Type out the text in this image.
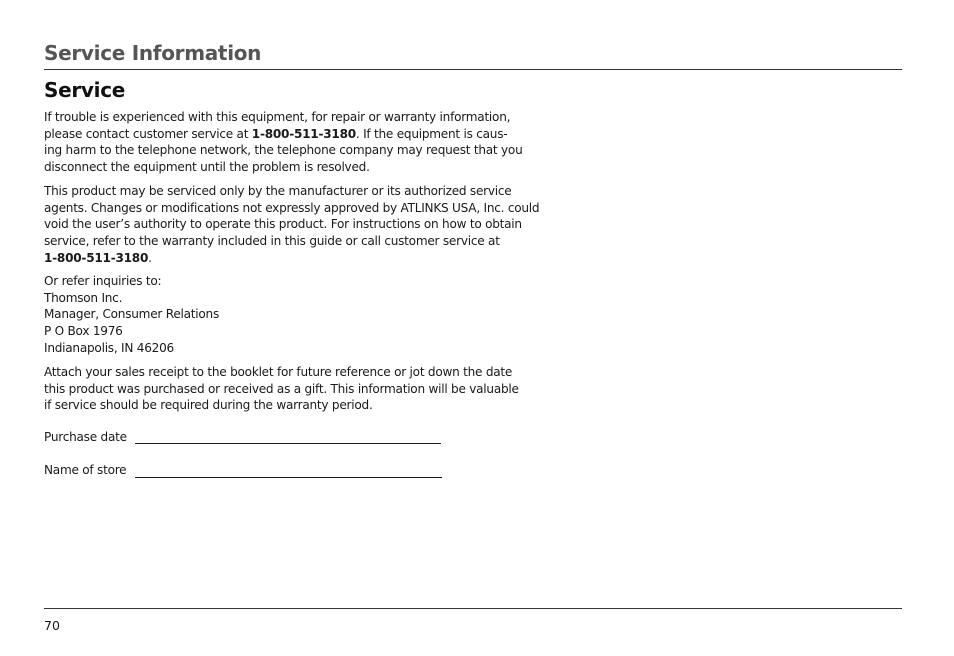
Service Information
Service
If trouble is experienced with this equipment, for repair or warranty information,
please contact customer service at 1-800-511-3180. If the equipment is caus-
ing harm to the telephone network, the telephone company may request that you
disconnect the equipment until the problem is resolved.
This product may be serviced only by the manufacturer or its authorized service
agents. Changes or modifications not expressly approved by ATLINKS USA, Inc. could
void the user’s authority to operate this product. For instructions on how to obtain
service, refer to the warranty included in this guide or call customer service at
1-800-511-3180.
Or refer inquiries to:
Thomson Inc.
Manager, Consumer Relations
P O Box 1976
Indianapolis, IN 46206
Attach your sales receipt to the booklet for future reference or jot down the date
this product was purchased or received as a gift. This information will be valuable
if service should be required during the warranty period.
Purchase date
Name of store
70
